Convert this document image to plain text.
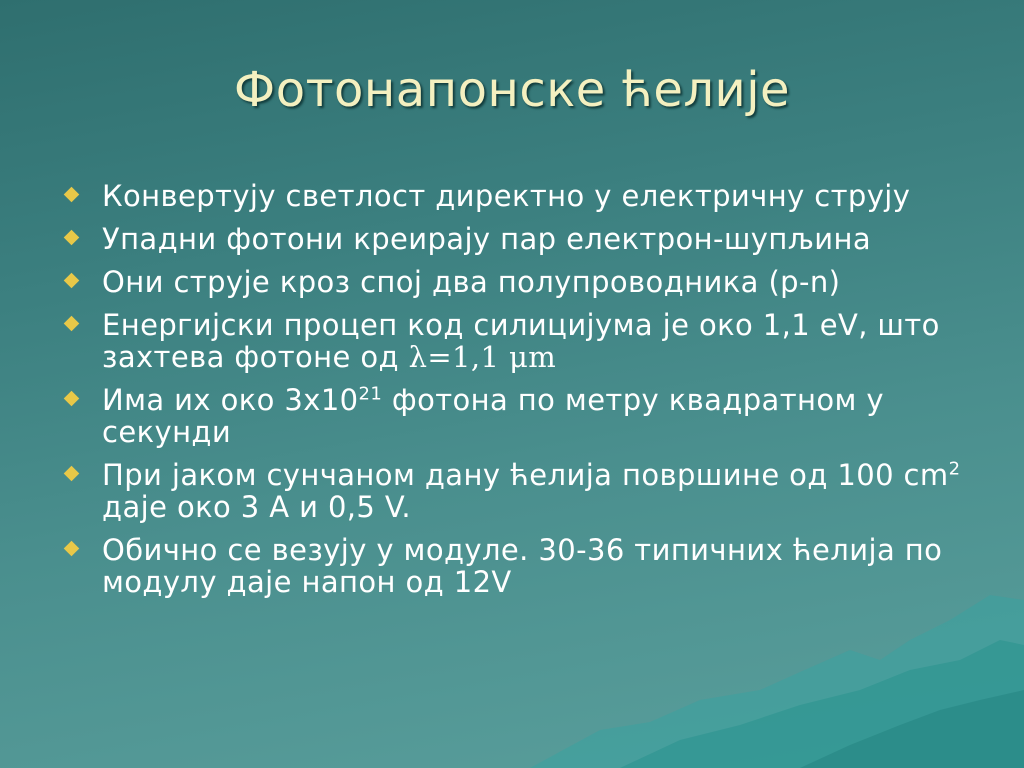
Фотонапонске ћелије
Конвертују светлост директно у електричну струју
Упадни фотони креирају пар електрон-шупљина
Они струје кроз спој два полупроводника (p-n)
Енергијски процеп код силицијума је око 1,1 eV, што захтева фотоне од λ=1,1 μm
Има их око $3x10^{21}$ фотона по метру квадратном у секунди
При јаком сунчаном дану ћелија површине од 100 $cm^2$ даје око 3 А и 0,5 V.
Обично се везују у модуле. 30-36 типичних ћелија по модулу даје напон од 12V
